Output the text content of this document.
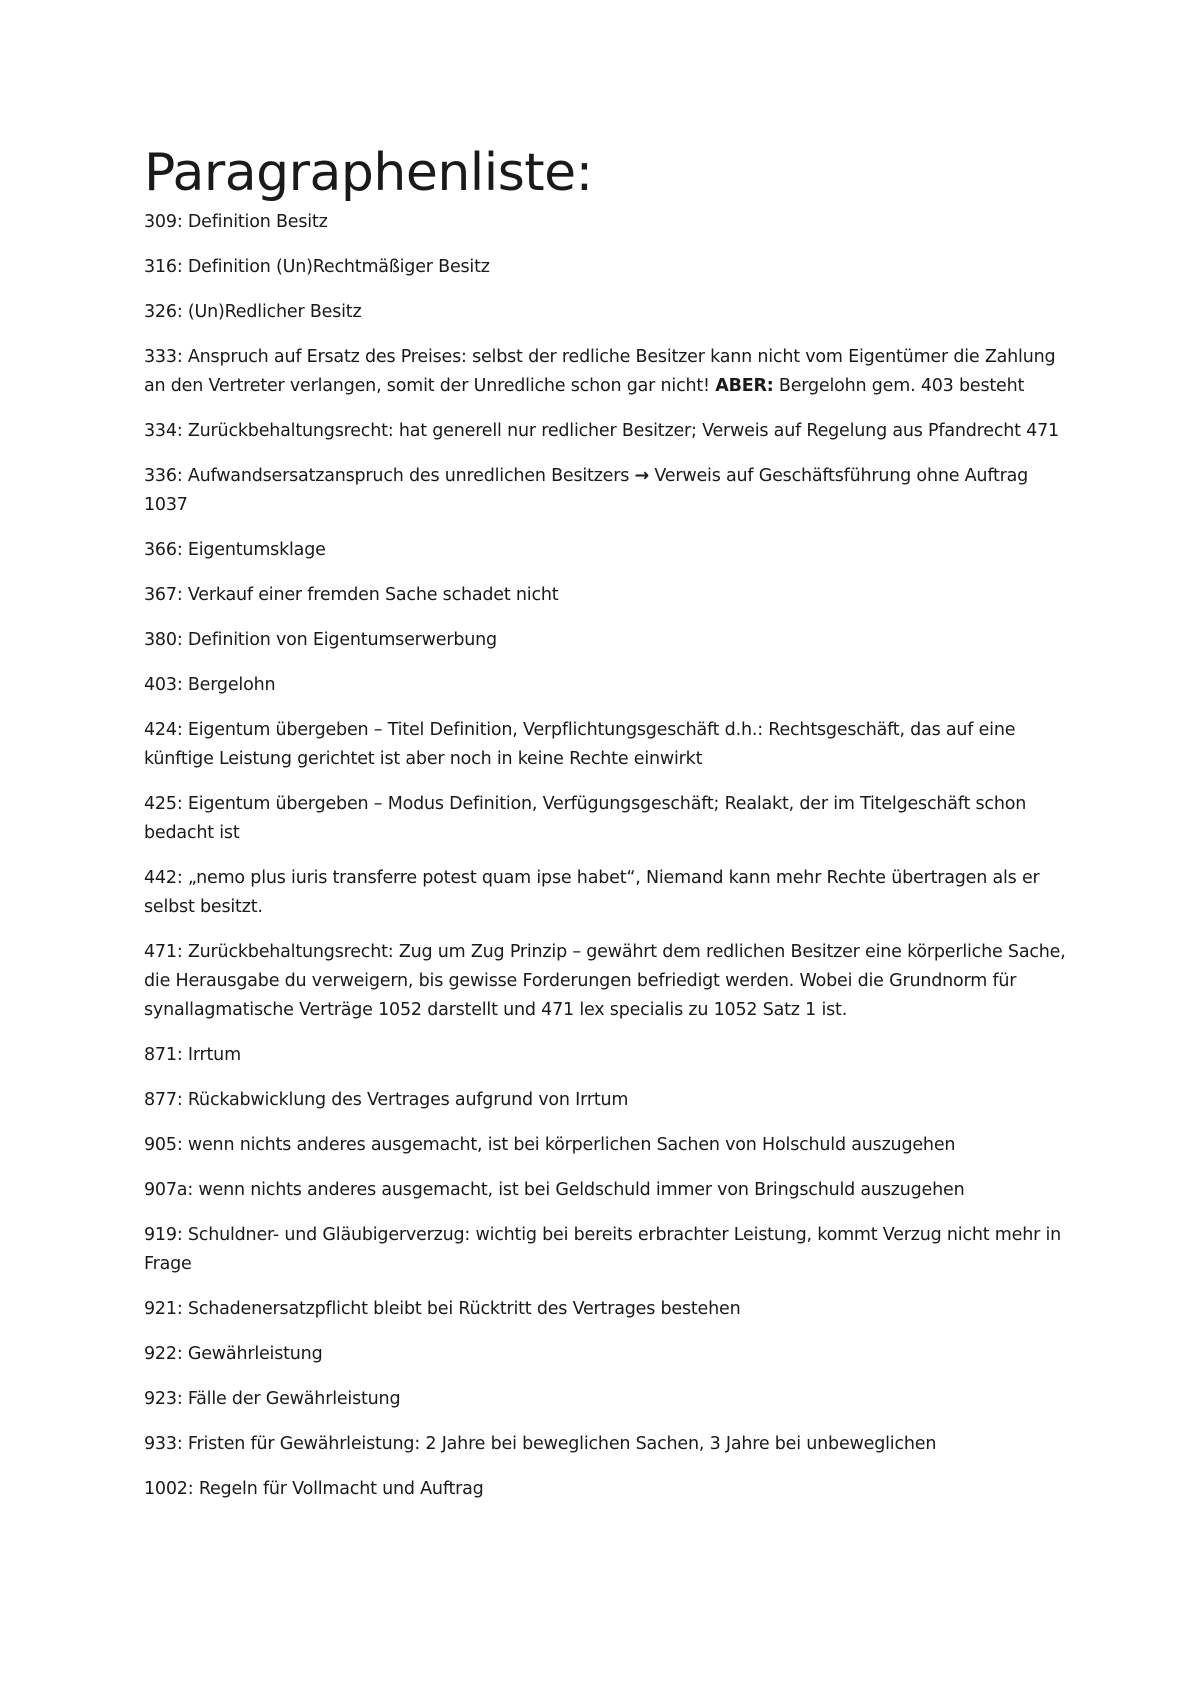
Paragraphenliste:
309: Definition Besitz
316: Definition (Un)Rechtmäßiger Besitz
326: (Un)Redlicher Besitz
333: Anspruch auf Ersatz des Preises: selbst der redliche Besitzer kann nicht vom Eigentümer die Zahlung an den Vertreter verlangen, somit der Unredliche schon gar nicht! ABER: Bergelohn gem. 403 besteht
334: Zurückbehaltungsrecht: hat generell nur redlicher Besitzer; Verweis auf Regelung aus Pfandrecht 471
336: Aufwandsersatzanspruch des unredlichen Besitzers → Verweis auf Geschäftsführung ohne Auftrag 1037
366: Eigentumsklage
367: Verkauf einer fremden Sache schadet nicht
380: Definition von Eigentumserwerbung
403: Bergelohn
424: Eigentum übergeben – Titel Definition, Verpflichtungsgeschäft d.h.: Rechtsgeschäft, das auf eine künftige Leistung gerichtet ist aber noch in keine Rechte einwirkt
425: Eigentum übergeben – Modus Definition, Verfügungsgeschäft; Realakt, der im Titelgeschäft schon bedacht ist
442: „nemo plus iuris transferre potest quam ipse habet“, Niemand kann mehr Rechte übertragen als er selbst besitzt.
471: Zurückbehaltungsrecht: Zug um Zug Prinzip – gewährt dem redlichen Besitzer eine körperliche Sache, die Herausgabe du verweigern, bis gewisse Forderungen befriedigt werden. Wobei die Grundnorm für synallagmatische Verträge 1052 darstellt und 471 lex specialis zu 1052 Satz 1 ist.
871: Irrtum
877: Rückabwicklung des Vertrages aufgrund von Irrtum
905: wenn nichts anderes ausgemacht, ist bei körperlichen Sachen von Holschuld auszugehen
907a: wenn nichts anderes ausgemacht, ist bei Geldschuld immer von Bringschuld auszugehen
919: Schuldner- und Gläubigerverzug: wichtig bei bereits erbrachter Leistung, kommt Verzug nicht mehr in Frage
921: Schadenersatzpflicht bleibt bei Rücktritt des Vertrages bestehen
922: Gewährleistung
923: Fälle der Gewährleistung
933: Fristen für Gewährleistung: 2 Jahre bei beweglichen Sachen, 3 Jahre bei unbeweglichen
1002: Regeln für Vollmacht und Auftrag
